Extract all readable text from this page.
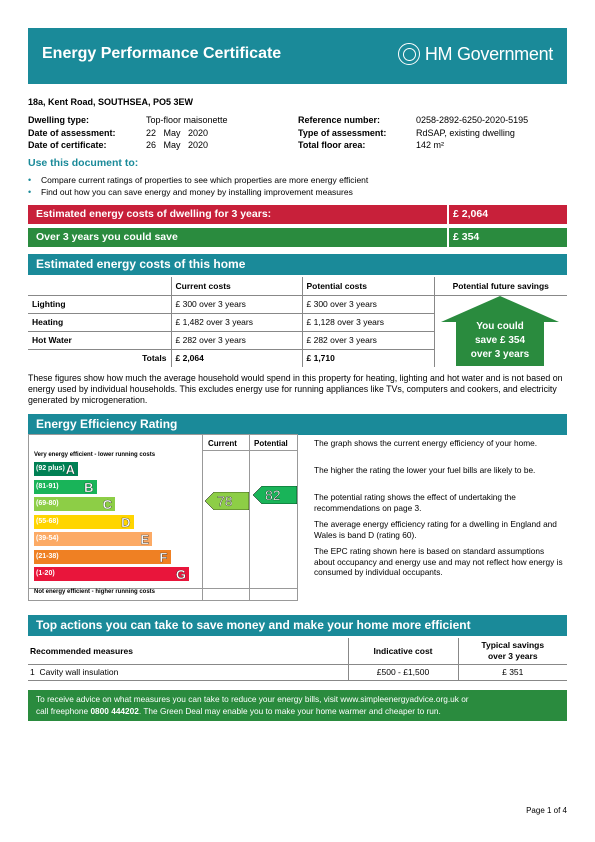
Energy Performance Certificate	HM Government
18a, Kent Road, SOUTHSEA, PO5 3EW
Dwelling type:	Top-floor maisonette
Date of assessment:	22   May   2020
Date of certificate:	26   May   2020
Reference number:	0258-2892-6250-2020-5195
Type of assessment:	RdSAP, existing dwelling
Total floor area:	142 m²
Use this document to:
•	Compare current ratings of properties to see which properties are more energy efficient
•	Find out how you can save energy and money by installing improvement measures
Estimated energy costs of dwelling for 3 years:	£ 2,064
Over 3 years you could save	£ 354
Estimated energy costs of this home
	Current costs	Potential costs	Potential future savings
Lighting	£ 300 over 3 years	£ 300 over 3 years	
Heating	£ 1,482 over 3 years	£ 1,128 over 3 years	
Hot Water	£ 282 over 3 years	£ 282 over 3 years	
Totals	£ 2,064	£ 1,710	
You could
save £ 354
over 3 years
These figures show how much the average household would spend in this property for heating, lighting and hot water and is not based on energy used by individual households. This excludes energy use for running appliances like TVs, computers and cookers, and electricity generated by microgeneration.
Energy Efficiency Rating
Current Potential
Very energy efficient - lower running costs
Not energy efficient - higher running costs
(92 plus) A
(81-91) B
(69-80)	C
(55-68)	D
(39-54)	E
(21-38)	F
(1-20)	G
78 82
The graph shows the current energy efficiency of your home.
The higher the rating the lower your fuel bills are likely to be.
The potential rating shows the effect of undertaking the recommendations on page 3.
The average energy efficiency rating for a dwelling in England and Wales is band D (rating 60).
The EPC rating shown here is based on standard assumptions about occupancy and energy use and may not reflect how energy is consumed by individual occupants.
Top actions you can take to save money and make your home more efficient
Recommended measures	Indicative cost	Typical savings
over 3 years

1 Cavity wall insulation	£500 - £1,500	£ 351
To receive advice on what measures you can take to reduce your energy bills, visit www.simpleenergyadvice.org.uk or
call freephone 0800 444202. The Green Deal may enable you to make your home warmer and cheaper to run.
Page 1 of 4
